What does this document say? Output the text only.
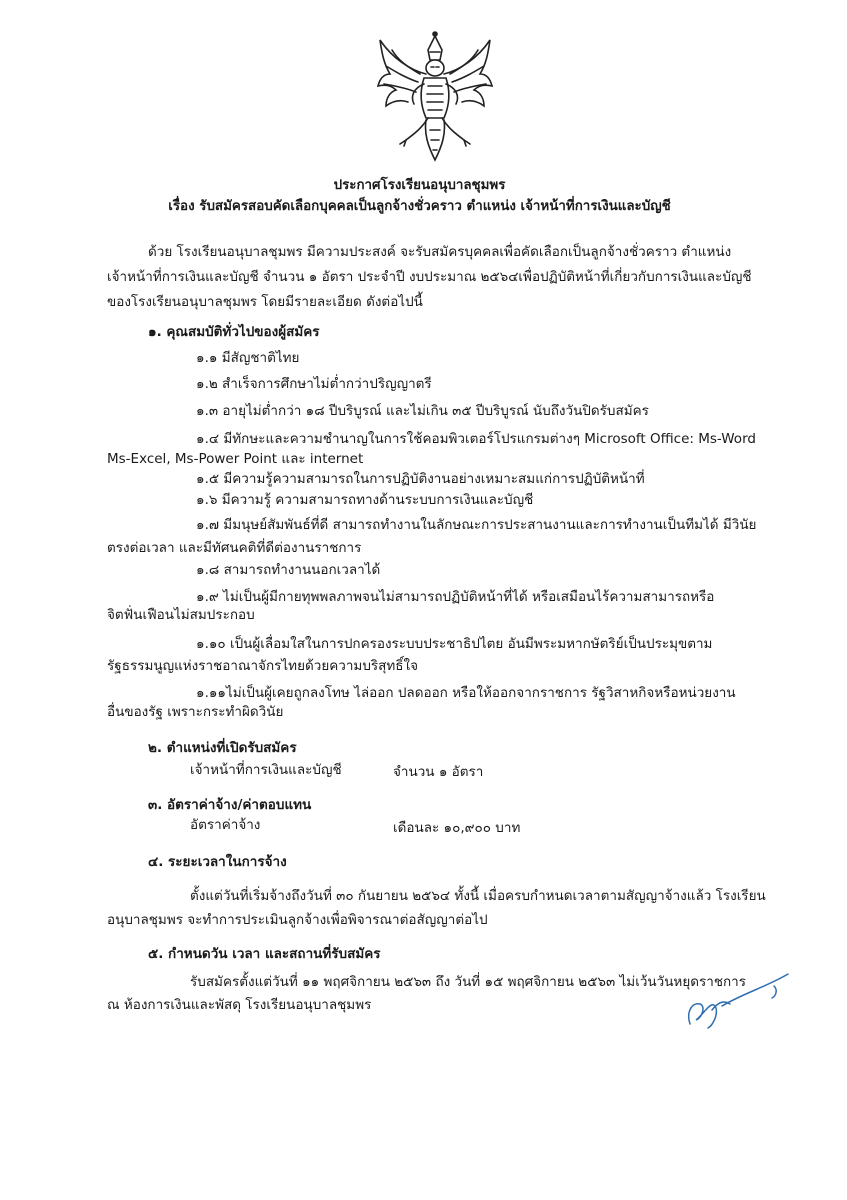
ประกาศโรงเรียนอนุบาลชุมพร
เรื่อง รับสมัครสอบคัดเลือกบุคคลเป็นลูกจ้างชั่วคราว ตำแหน่ง เจ้าหน้าที่การเงินและบัญชี
ด้วย โรงเรียนอนุบาลชุมพร มีความประสงค์ จะรับสมัครบุคคลเพื่อคัดเลือกเป็นลูกจ้างชั่วคราว ตำแหน่ง
เจ้าหน้าที่การเงินและบัญชี จำนวน ๑ อัตรา ประจำปี งบประมาณ ๒๕๖๔เพื่อปฏิบัติหน้าที่เกี่ยวกับการเงินและบัญชี
ของโรงเรียนอนุบาลชุมพร โดยมีรายละเอียด ดังต่อไปนี้
๑. คุณสมบัติทั่วไปของผู้สมัคร
๑.๑ มีสัญชาติไทย
๑.๒ สำเร็จการศึกษาไม่ต่ำกว่าปริญญาตรี
๑.๓ อายุไม่ต่ำกว่า ๑๘ ปีบริบูรณ์ และไม่เกิน ๓๕ ปีบริบูรณ์ นับถึงวันปิดรับสมัคร
๑.๔ มีทักษะและความชำนาญในการใช้คอมพิวเตอร์โปรแกรมต่างๆ Microsoft Office: Ms-Word
Ms-Excel, Ms-Power Point และ internet
๑.๕ มีความรู้ความสามารถในการปฏิบัติงานอย่างเหมาะสมแก่การปฏิบัติหน้าที่
๑.๖ มีความรู้ ความสามารถทางด้านระบบการเงินและบัญชี
๑.๗ มีมนุษย์สัมพันธ์ที่ดี สามารถทำงานในลักษณะการประสานงานและการทำงานเป็นทีมได้ มีวินัย
ตรงต่อเวลา และมีทัศนคติที่ดีต่องานราชการ
๑.๘ สามารถทำงานนอกเวลาได้
๑.๙ ไม่เป็นผู้มีกายทุพพลภาพจนไม่สามารถปฏิบัติหน้าที่ได้ หรือเสมือนไร้ความสามารถหรือ
จิตฟั่นเฟือนไม่สมประกอบ
๑.๑๐ เป็นผู้เลื่อมใสในการปกครองระบบประชาธิปไตย อันมีพระมหากษัตริย์เป็นประมุขตาม
รัฐธรรมนูญแห่งราชอาณาจักรไทยด้วยความบริสุทธิ์ใจ
๑.๑๑ไม่เป็นผู้เคยถูกลงโทษ ไล่ออก ปลดออก หรือให้ออกจากราชการ รัฐวิสาหกิจหรือหน่วยงาน
อื่นของรัฐ เพราะกระทำผิดวินัย
๒. ตำแหน่งที่เปิดรับสมัคร
เจ้าหน้าที่การเงินและบัญชี	จำนวน ๑ อัตรา
๓. อัตราค่าจ้าง/ค่าตอบแทน
อัตราค่าจ้าง	เดือนละ ๑๐,๙๐๐ บาท
๔. ระยะเวลาในการจ้าง
ตั้งแต่วันที่เริ่มจ้างถึงวันที่ ๓๐ กันยายน ๒๕๖๔ ทั้งนี้ เมื่อครบกำหนดเวลาตามสัญญาจ้างแล้ว โรงเรียน
อนุบาลชุมพร จะทำการประเมินลูกจ้างเพื่อพิจารณาต่อสัญญาต่อไป
๕. กำหนดวัน เวลา และสถานที่รับสมัคร
รับสมัครตั้งแต่วันที่ ๑๑ พฤศจิกายน ๒๕๖๓ ถึง วันที่ ๑๕ พฤศจิกายน ๒๕๖๓ ไม่เว้นวันหยุดราชการ
ณ ห้องการเงินและพัสดุ โรงเรียนอนุบาลชุมพร
